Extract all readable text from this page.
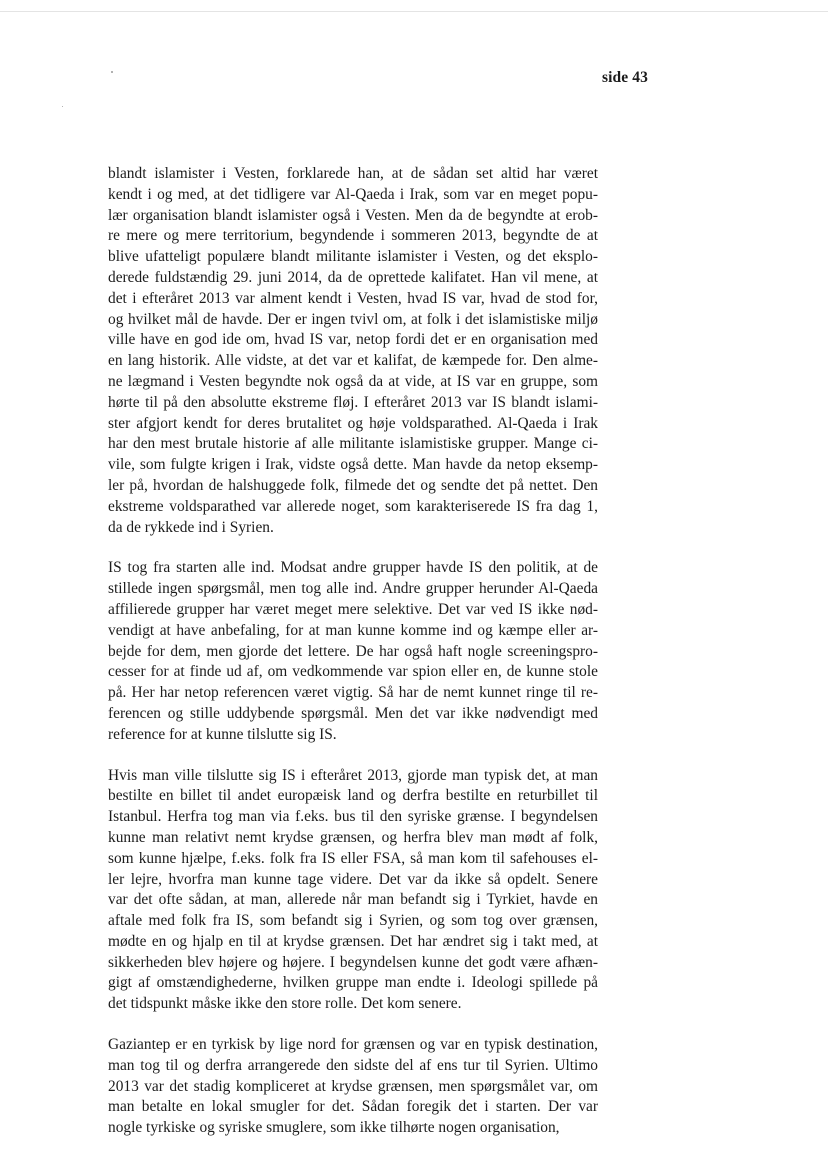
side 43
blandt islamister i Vesten, forklarede han, at de sådan set altid har været
kendt i og med, at det tidligere var Al-Qaeda i Irak, som var en meget popu-
lær organisation blandt islamister også i Vesten. Men da de begyndte at erob-
re mere og mere territorium, begyndende i sommeren 2013, begyndte de at
blive ufatteligt populære blandt militante islamister i Vesten, og det eksplo-
derede fuldstændig 29. juni 2014, da de oprettede kalifatet. Han vil mene, at
det i efteråret 2013 var alment kendt i Vesten, hvad IS var, hvad de stod for,
og hvilket mål de havde. Der er ingen tvivl om, at folk i det islamistiske miljø
ville have en god ide om, hvad IS var, netop fordi det er en organisation med
en lang historik. Alle vidste, at det var et kalifat, de kæmpede for. Den alme-
ne lægmand i Vesten begyndte nok også da at vide, at IS var en gruppe, som
hørte til på den absolutte ekstreme fløj. I efteråret 2013 var IS blandt islami-
ster afgjort kendt for deres brutalitet og høje voldsparathed. Al-Qaeda i Irak
har den mest brutale historie af alle militante islamistiske grupper. Mange ci-
vile, som fulgte krigen i Irak, vidste også dette. Man havde da netop eksemp-
ler på, hvordan de halshuggede folk, filmede det og sendte det på nettet. Den
ekstreme voldsparathed var allerede noget, som karakteriserede IS fra dag 1,
da de rykkede ind i Syrien.
IS tog fra starten alle ind. Modsat andre grupper havde IS den politik, at de
stillede ingen spørgsmål, men tog alle ind. Andre grupper herunder Al-Qaeda
affilierede grupper har været meget mere selektive. Det var ved IS ikke nød-
vendigt at have anbefaling, for at man kunne komme ind og kæmpe eller ar-
bejde for dem, men gjorde det lettere. De har også haft nogle screeningspro-
cesser for at finde ud af, om vedkommende var spion eller en, de kunne stole
på. Her har netop referencen været vigtig. Så har de nemt kunnet ringe til re-
ferencen og stille uddybende spørgsmål. Men det var ikke nødvendigt med
reference for at kunne tilslutte sig IS.
Hvis man ville tilslutte sig IS i efteråret 2013, gjorde man typisk det, at man
bestilte en billet til andet europæisk land og derfra bestilte en returbillet til
Istanbul. Herfra tog man via f.eks. bus til den syriske grænse. I begyndelsen
kunne man relativt nemt krydse grænsen, og herfra blev man mødt af folk,
som kunne hjælpe, f.eks. folk fra IS eller FSA, så man kom til safehouses el-
ler lejre, hvorfra man kunne tage videre. Det var da ikke så opdelt. Senere
var det ofte sådan, at man, allerede når man befandt sig i Tyrkiet, havde en
aftale med folk fra IS, som befandt sig i Syrien, og som tog over grænsen,
mødte en og hjalp en til at krydse grænsen. Det har ændret sig i takt med, at
sikkerheden blev højere og højere. I begyndelsen kunne det godt være afhæn-
gigt af omstændighederne, hvilken gruppe man endte i. Ideologi spillede på
det tidspunkt måske ikke den store rolle. Det kom senere.
Gaziantep er en tyrkisk by lige nord for grænsen og var en typisk destination,
man tog til og derfra arrangerede den sidste del af ens tur til Syrien. Ultimo
2013 var det stadig kompliceret at krydse grænsen, men spørgsmålet var, om
man betalte en lokal smugler for det. Sådan foregik det i starten. Der var
nogle tyrkiske og syriske smuglere, som ikke tilhørte nogen organisation,
